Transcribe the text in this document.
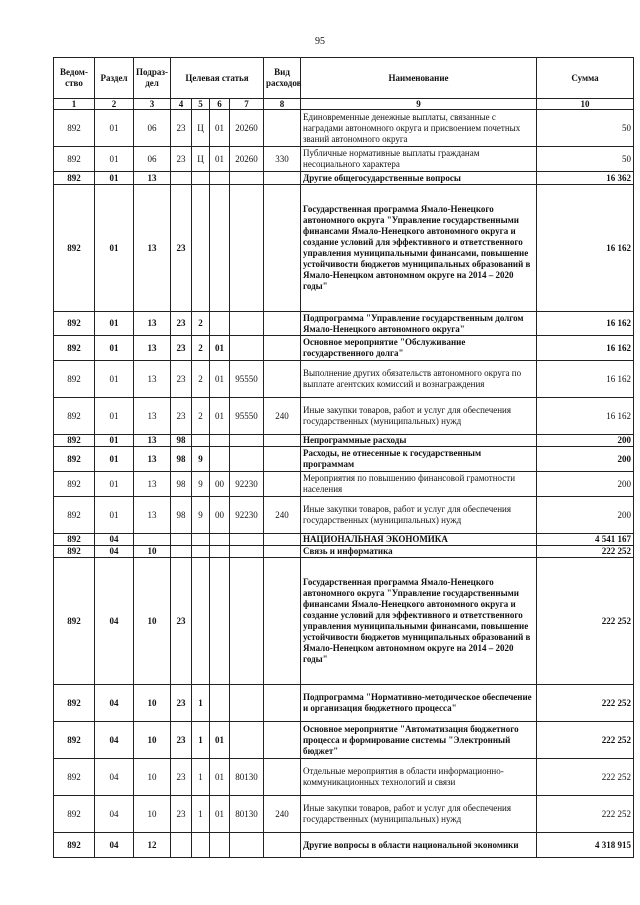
95
Ведом-
ство	Раздел	Подраз-
дел	Целевая статья				Вид
расходов	Наименование	Сумма
1	2	3	4	5	6	7	8	9	10
892	01	06	23	Ц	01	20260		Единовременные денежные выплаты, связанные с наградами автономного округа и присвоением почетных званий автономного округа	50
892	01	06	23	Ц	01	20260	330	Публичные нормативные выплаты гражданам несоциального характера	50
892	01	13						Другие общегосударственные вопросы	16 362
892	01	13	23					Государственная программа Ямало-Ненецкого автономного округа "Управление государственными финансами Ямало-Ненецкого автономного округа и создание условий для эффективного и ответственного управления муниципальными финансами, повышение устойчивости бюджетов муниципальных образований в Ямало-Ненецком автономном округе на 2014 – 2020 годы"	16 162
892	01	13	23	2				Подпрограмма "Управление государственным долгом Ямало-Ненецкого автономного округа"	16 162
892	01	13	23	2	01			Основное мероприятие "Обслуживание государственного долга"	16 162
892	01	13	23	2	01	95550		Выполнение других обязательств автономного округа по выплате агентских комиссий и вознаграждения	16 162
892	01	13	23	2	01	95550	240	Иные закупки товаров, работ и услуг для обеспечения государственных (муниципальных) нужд	16 162
892	01	13	98					Непрограммные расходы	200
892	01	13	98	9				Расходы, не отнесенные к государственным программам	200
892	01	13	98	9	00	92230		Мероприятия по повышению финансовой грамотности населения	200
892	01	13	98	9	00	92230	240	Иные закупки товаров, работ и услуг для обеспечения государственных (муниципальных) нужд	200
892	04							НАЦИОНАЛЬНАЯ ЭКОНОМИКА	4 541 167
892	04	10						Связь и информатика	222 252
892	04	10	23					Государственная программа Ямало-Ненецкого автономного округа "Управление государственными финансами Ямало-Ненецкого автономного округа и создание условий для эффективного и ответственного управления муниципальными финансами, повышение устойчивости бюджетов муниципальных образований в Ямало-Ненецком автономном округе на 2014 – 2020 годы"	222 252
892	04	10	23	1				Подпрограмма "Нормативно-методическое обеспечение и организация бюджетного процесса"	222 252
892	04	10	23	1	01			Основное мероприятие "Автоматизация бюджетного процесса и формирование системы "Электронный бюджет"	222 252
892	04	10	23	1	01	80130		Отдельные мероприятия в области информационно-коммуникационных технологий и связи	222 252
892	04	10	23	1	01	80130	240	Иные закупки товаров, работ и услуг для обеспечения государственных (муниципальных) нужд	222 252
892	04	12						Другие вопросы в области национальной экономики	4 318 915
